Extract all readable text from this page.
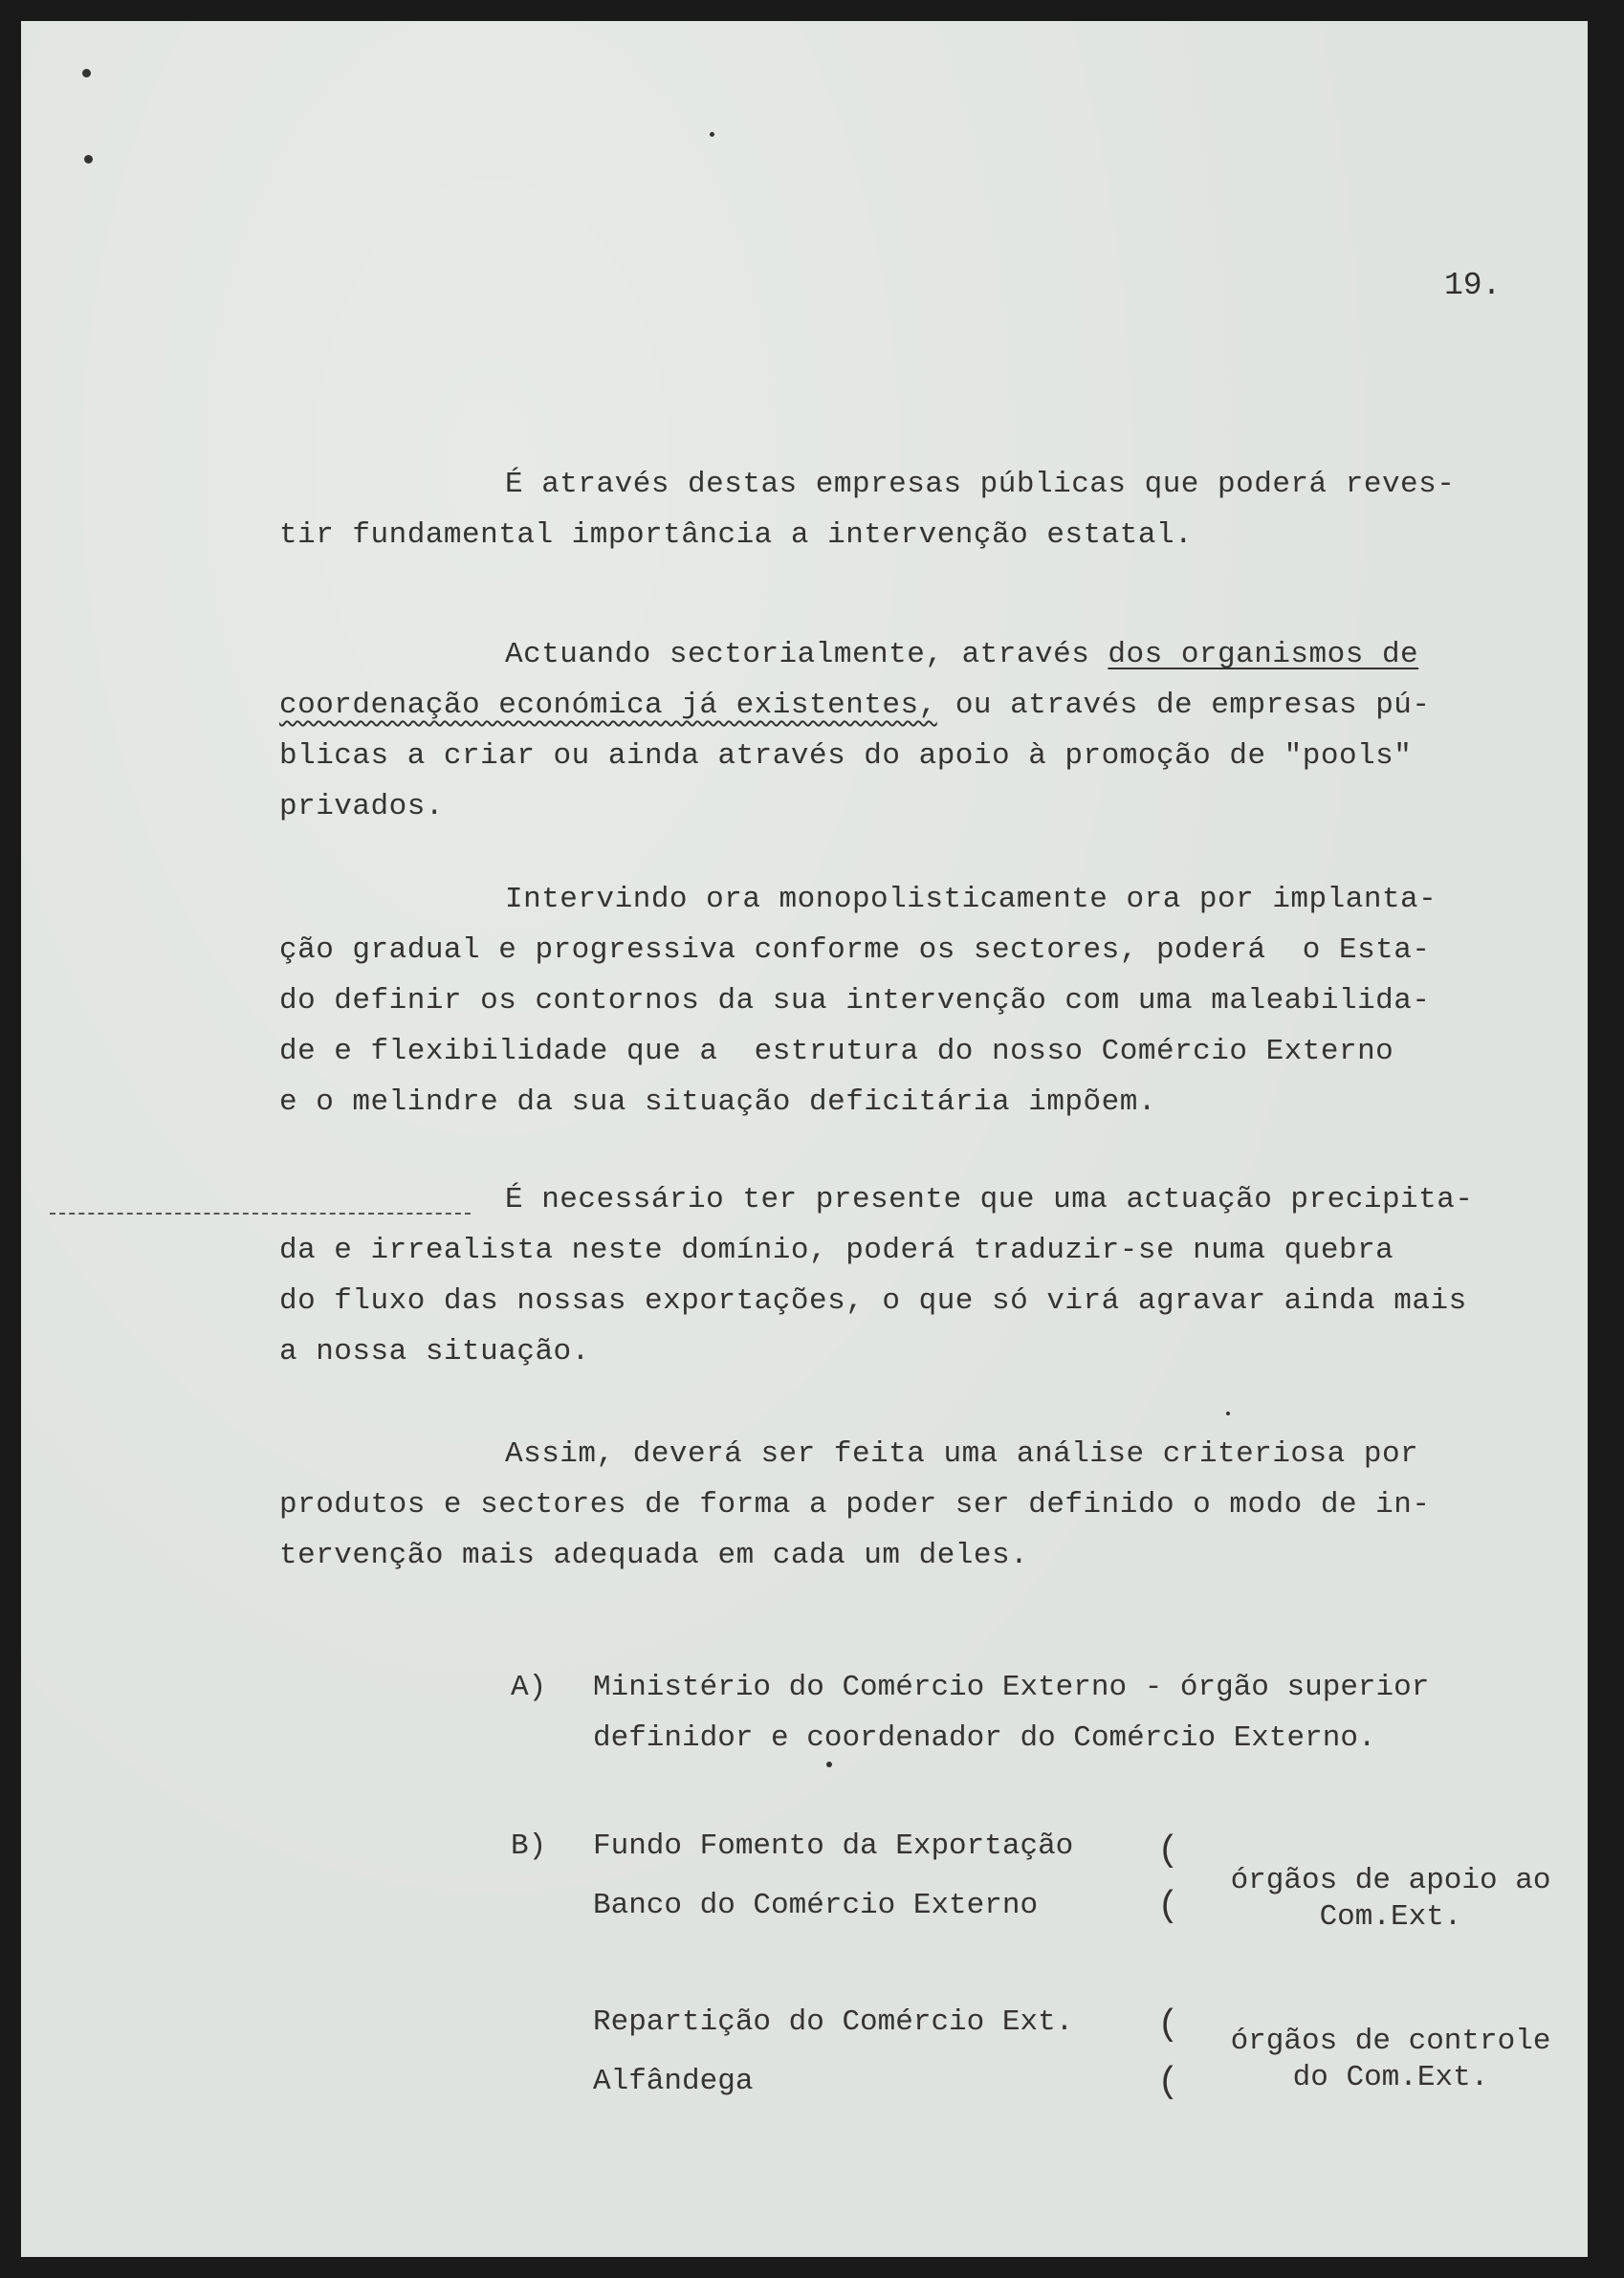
19.

É através destas empresas públicas que poderá reves-
tir fundamental importância a intervenção estatal.

Actuando sectorialmente, através dos organismos de
coordenação económica já existentes, ou através de empresas pú-
blicas a criar ou ainda através do apoio à promoção de "pools"
privados.

Intervindo ora monopolisticamente ora por implanta-
ção gradual e progressiva conforme os sectores, poderá  o Esta-
do definir os contornos da sua intervenção com uma maleabilida-
de e flexibilidade que a  estrutura do nosso Comércio Externo
e o melindre da sua situação deficitária impõem.

É necessário ter presente que uma actuação precipita-
da e irrealista neste domínio, poderá traduzir-se numa quebra
do fluxo das nossas exportações, o que só virá agravar ainda mais
a nossa situação.

Assim, deverá ser feita uma análise criteriosa por
produtos e sectores de forma a poder ser definido o modo de in-
tervenção mais adequada em cada um deles.

A) Ministério do Comércio Externo - órgão superior
definidor e coordenador do Comércio Externo.
B) Fundo Fomento da Exportação
Banco do Comércio Externo
(
(
órgãos de apoio ao
Com.Ext.
Repartição do Comércio Ext.
Alfândega
(
(
órgãos de controle
do Com.Ext.
